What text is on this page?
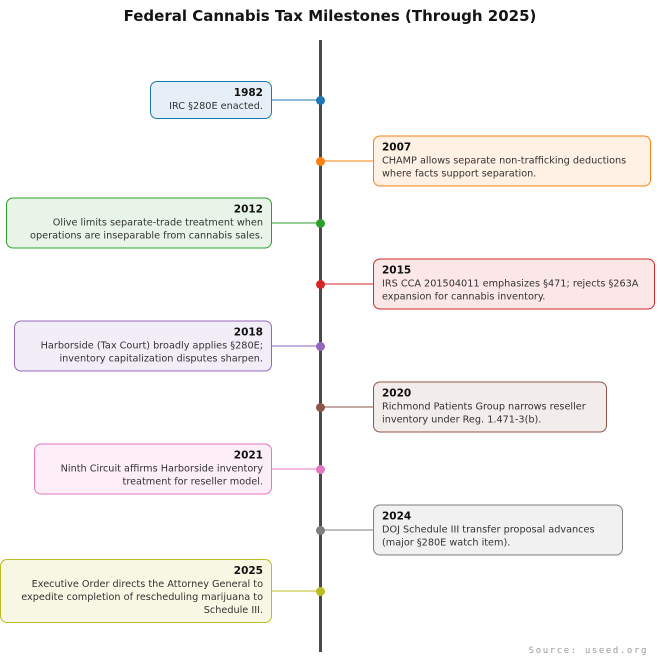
Federal Cannabis Tax Milestones (Through 2025)
Source: useed.org
1982
IRC §280E enacted.
2007
CHAMP allows separate non-trafficking deductions where facts support separation.
2012
Olive limits separate-trade treatment when operations are inseparable from cannabis sales.
2015
IRS CCA 201504011 emphasizes §471; rejects §263A expansion for cannabis inventory.
2018
Harborside (Tax Court) broadly applies §280E; inventory capitalization disputes sharpen.
2020
Richmond Patients Group narrows reseller inventory under Reg. 1.471-3(b).
2021
Ninth Circuit affirms Harborside inventory treatment for reseller model.
2024
DOJ Schedule III transfer proposal advances (major §280E watch item).
2025
Executive Order directs the Attorney General to expedite completion of rescheduling marijuana to Schedule III.
